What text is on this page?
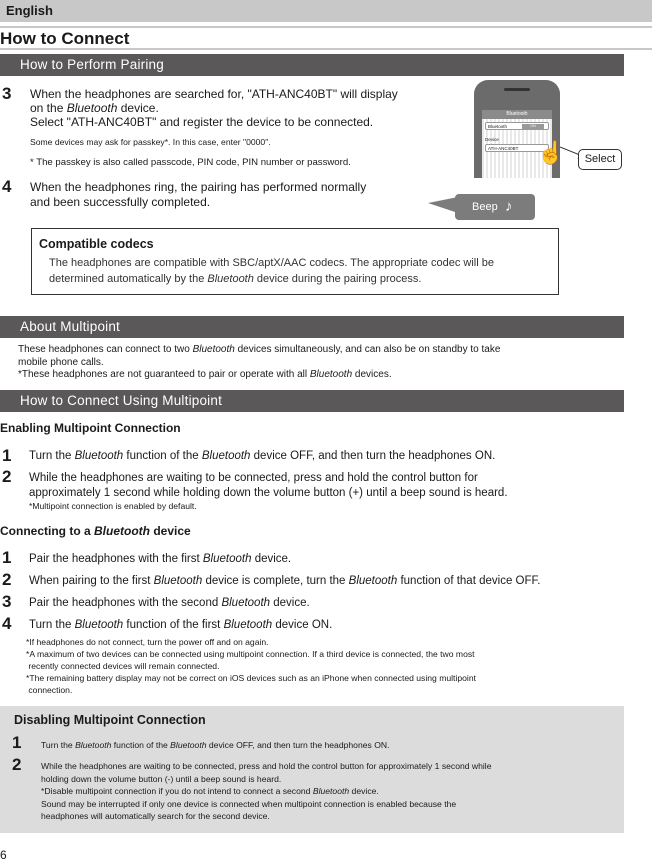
English
How to Connect
How to Perform Pairing
3 When the headphones are searched for, "ATH-ANC40BT" will display
on the Bluetooth device.
Select "ATH-ANC40BT" and register the device to be connected.
Some devices may ask for passkey*. In this case, enter "0000".
* The passkey is also called passcode, PIN code, PIN number or password.
4 When the headphones ring, the pairing has performed normally
and been successfully completed.
Bluetooth
Bluetooth	ON
Device
ATH-ANC40BT ☝	Select
Beep ♪
Compatible codecs
The headphones are compatible with SBC/aptX/AAC codecs. The appropriate codec will be
determined automatically by the Bluetooth device during the pairing process.
About Multipoint
These headphones can connect to two Bluetooth devices simultaneously, and can also be on standby to take
mobile phone calls.
*These headphones are not guaranteed to pair or operate with all Bluetooth devices.
How to Connect Using Multipoint
Enabling Multipoint Connection
1 Turn the Bluetooth function of the Bluetooth device OFF, and then turn the headphones ON.
2 While the headphones are waiting to be connected, press and hold the control button for
approximately 1 second while holding down the volume button (+) until a beep sound is heard.
*Multipoint connection is enabled by default.
Connecting to a Bluetooth device
1 Pair the headphones with the first Bluetooth device.
2 When pairing to the first Bluetooth device is complete, turn the Bluetooth function of that device OFF.
3 Pair the headphones with the second Bluetooth device.
4 Turn the Bluetooth function of the first Bluetooth device ON.
*If headphones do not connect, turn the power off and on again.
*A maximum of two devices can be connected using multipoint connection. If a third device is connected, the two most
recently connected devices will remain connected.
*The remaining battery display may not be correct on iOS devices such as an iPhone when connected using multipoint
connection.
Disabling Multipoint Connection
1 Turn the Bluetooth function of the Bluetooth device OFF, and then turn the headphones ON.
2 While the headphones are waiting to be connected, press and hold the control button for approximately 1 second while
holding down the volume button (-) until a beep sound is heard.
*Disable multipoint connection if you do not intend to connect a second Bluetooth device.
Sound may be interrupted if only one device is connected when multipoint connection is enabled because the
headphones will automatically search for the second device.
6
